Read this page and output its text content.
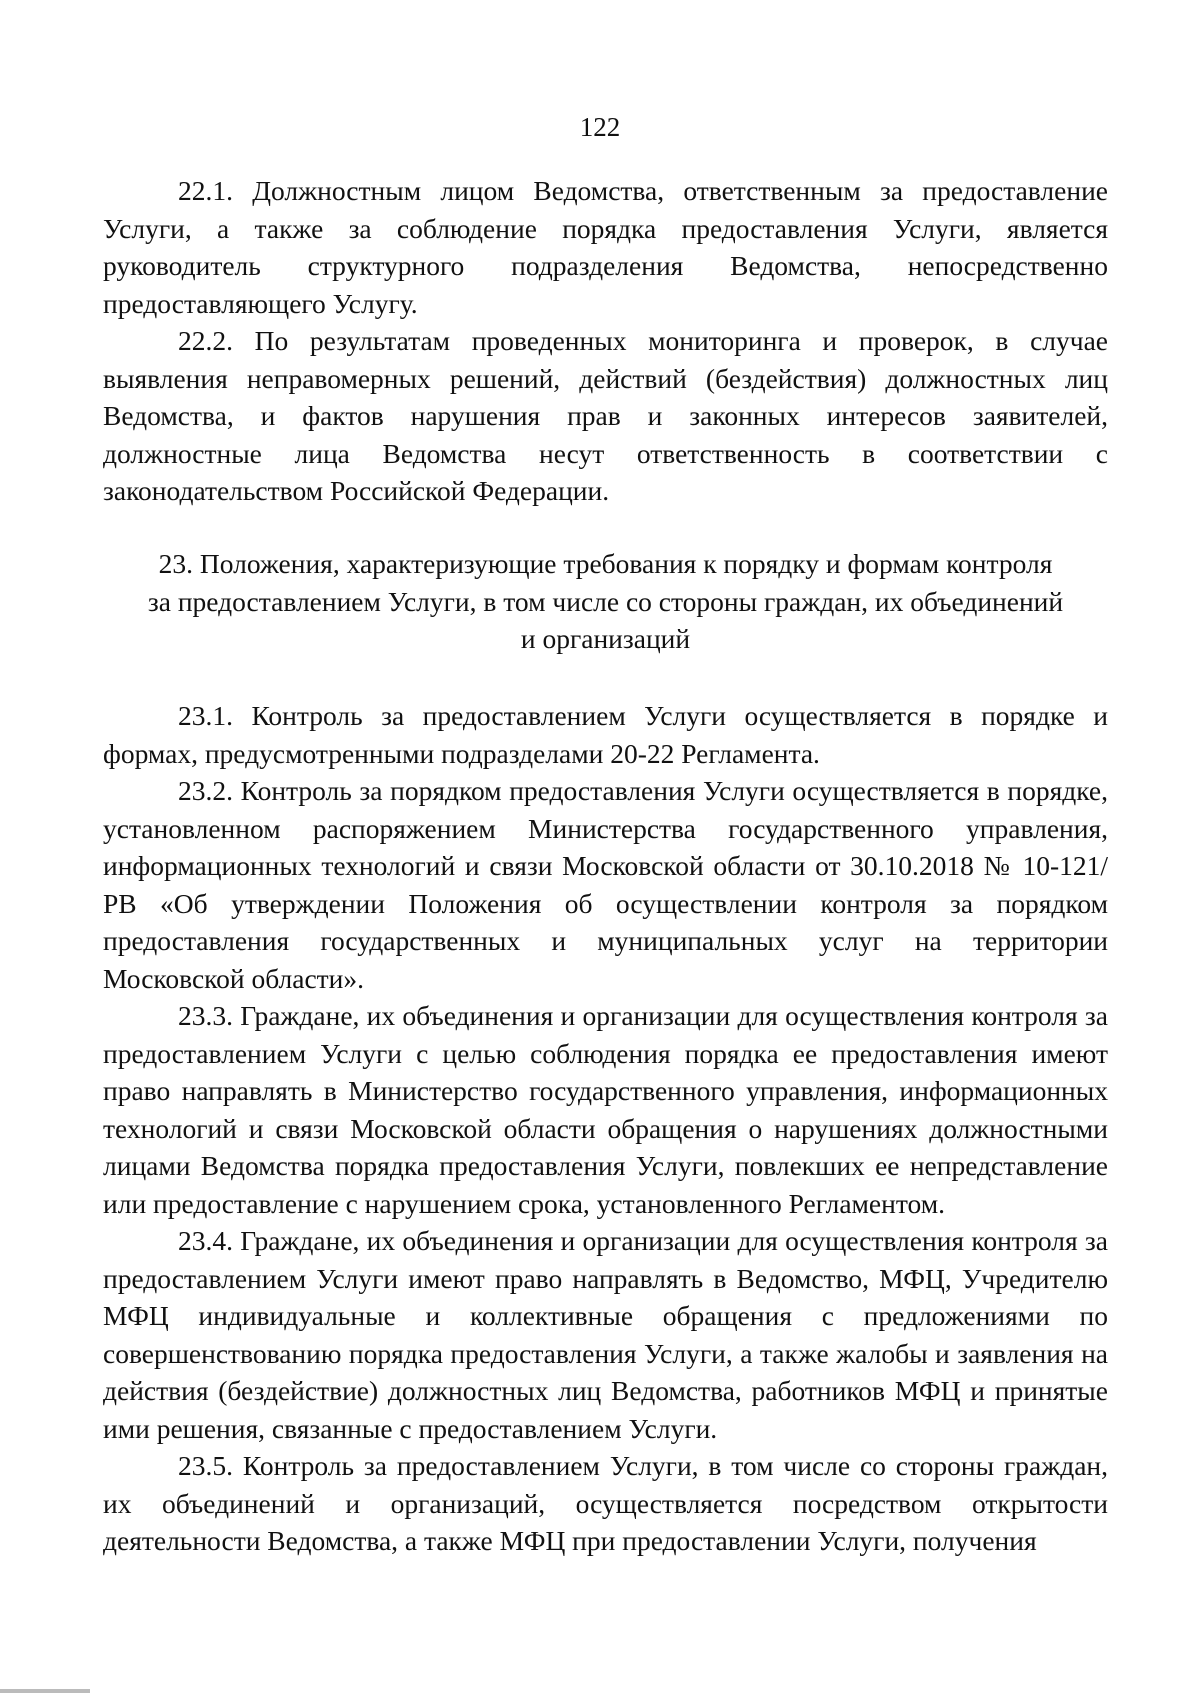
122

22.1. Должностным лицом Ведомства, ответственным за предоставление Услуги, а также за соблюдение порядка предоставления Услуги, является руководитель структурного подразделения Ведомства, непосредственно предоставляющего Услугу.

22.2. По результатам проведенных мониторинга и проверок, в случае выявления неправомерных решений, действий (бездействия) должностных лиц Ведомства, и фактов нарушения прав и законных интересов заявителей, должностные лица Ведомства несут ответственность в соответствии с законодательством Российской Федерации.

23. Положения, характеризующие требования к порядку и формам контроля
за предоставлением Услуги, в том числе со стороны граждан, их объединений
и организаций

23.1. Контроль за предоставлением Услуги осуществляется в порядке и формах, предусмотренными подразделами 20-22 Регламента.

23.2. Контроль за порядком предоставления Услуги осуществляется в порядке, установленном распоряжением Министерства государственного управления, информационных технологий и связи Московской области от 30.10.2018 № 10-121/РВ «Об утверждении Положения об осуществлении контроля за порядком предоставления государственных и муниципальных услуг на территории Московской области».

23.3. Граждане, их объединения и организации для осуществления контроля за предоставлением Услуги с целью соблюдения порядка ее предоставления имеют право направлять в Министерство государственного управления, информационных технологий и связи Московской области обращения о нарушениях должностными лицами Ведомства порядка предоставления Услуги, повлекших ее непредставление или предоставление с нарушением срока, установленного Регламентом.

23.4. Граждане, их объединения и организации для осуществления контроля за предоставлением Услуги имеют право направлять в Ведомство, МФЦ, Учредителю МФЦ индивидуальные и коллективные обращения с предложениями по совершенствованию порядка предоставления Услуги, а также жалобы и заявления на действия (бездействие) должностных лиц Ведомства, работников МФЦ и принятые ими решения, связанные с предоставлением Услуги.

23.5. Контроль за предоставлением Услуги, в том числе со стороны граждан, их объединений и организаций, осуществляется посредством открытости деятельности Ведомства, а также МФЦ при предоставлении Услуги, получения
